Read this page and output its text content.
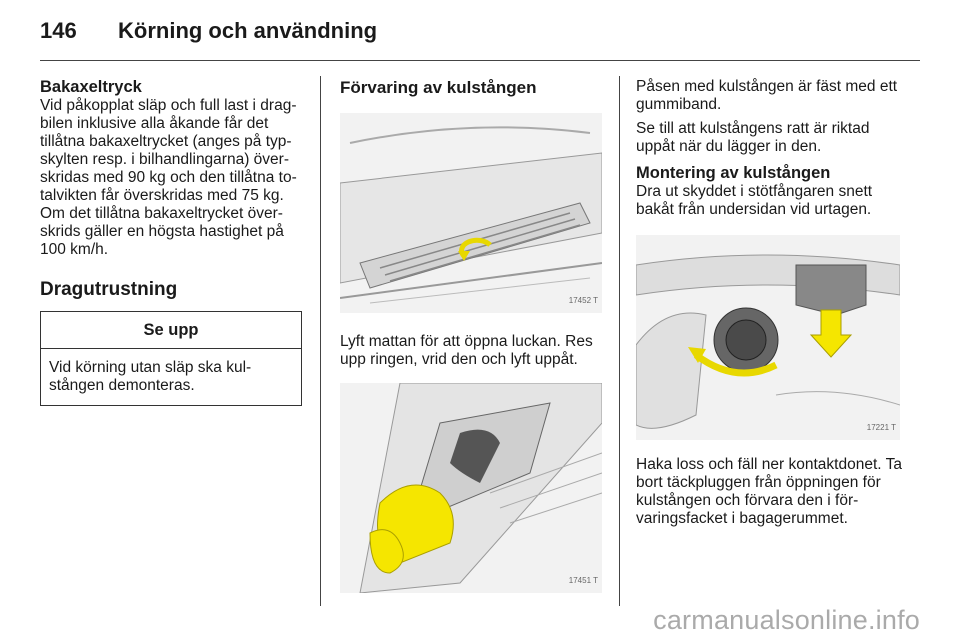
146 Körning och användning
Bakaxeltryck

Vid påkopplat släp och full last i drag-bilen inklusive alla åkande får det tillåtna bakaxeltrycket (anges på typ-skylten resp. i bilhandlingarna) över-skridas med 90 kg och den tillåtna to-talvikten får överskridas med 75 kg. Om det tillåtna bakaxeltrycket över-skrids gäller en högsta hastighet på 100 km/h.

Dragutrustning
Se upp
Vid körning utan släp ska kul-stången demonteras.
Förvaring av kulstången
17452 T

Lyft mattan för att öppna luckan. Res upp ringen, vrid den och lyft uppåt.

17451 T

Påsen med kulstången är fäst med ett gummiband.

Se till att kulstångens ratt är riktad uppåt när du lägger in den.

Montering av kulstången

Dra ut skyddet i stötfångaren snett bakåt från undersidan vid urtagen.

17221 T

Haka loss och fäll ner kontaktdonet. Ta bort täckpluggen från öppningen för kulstången och förvara den i för-varingsfacket i bagagerummet.

carmanualsonline.info
